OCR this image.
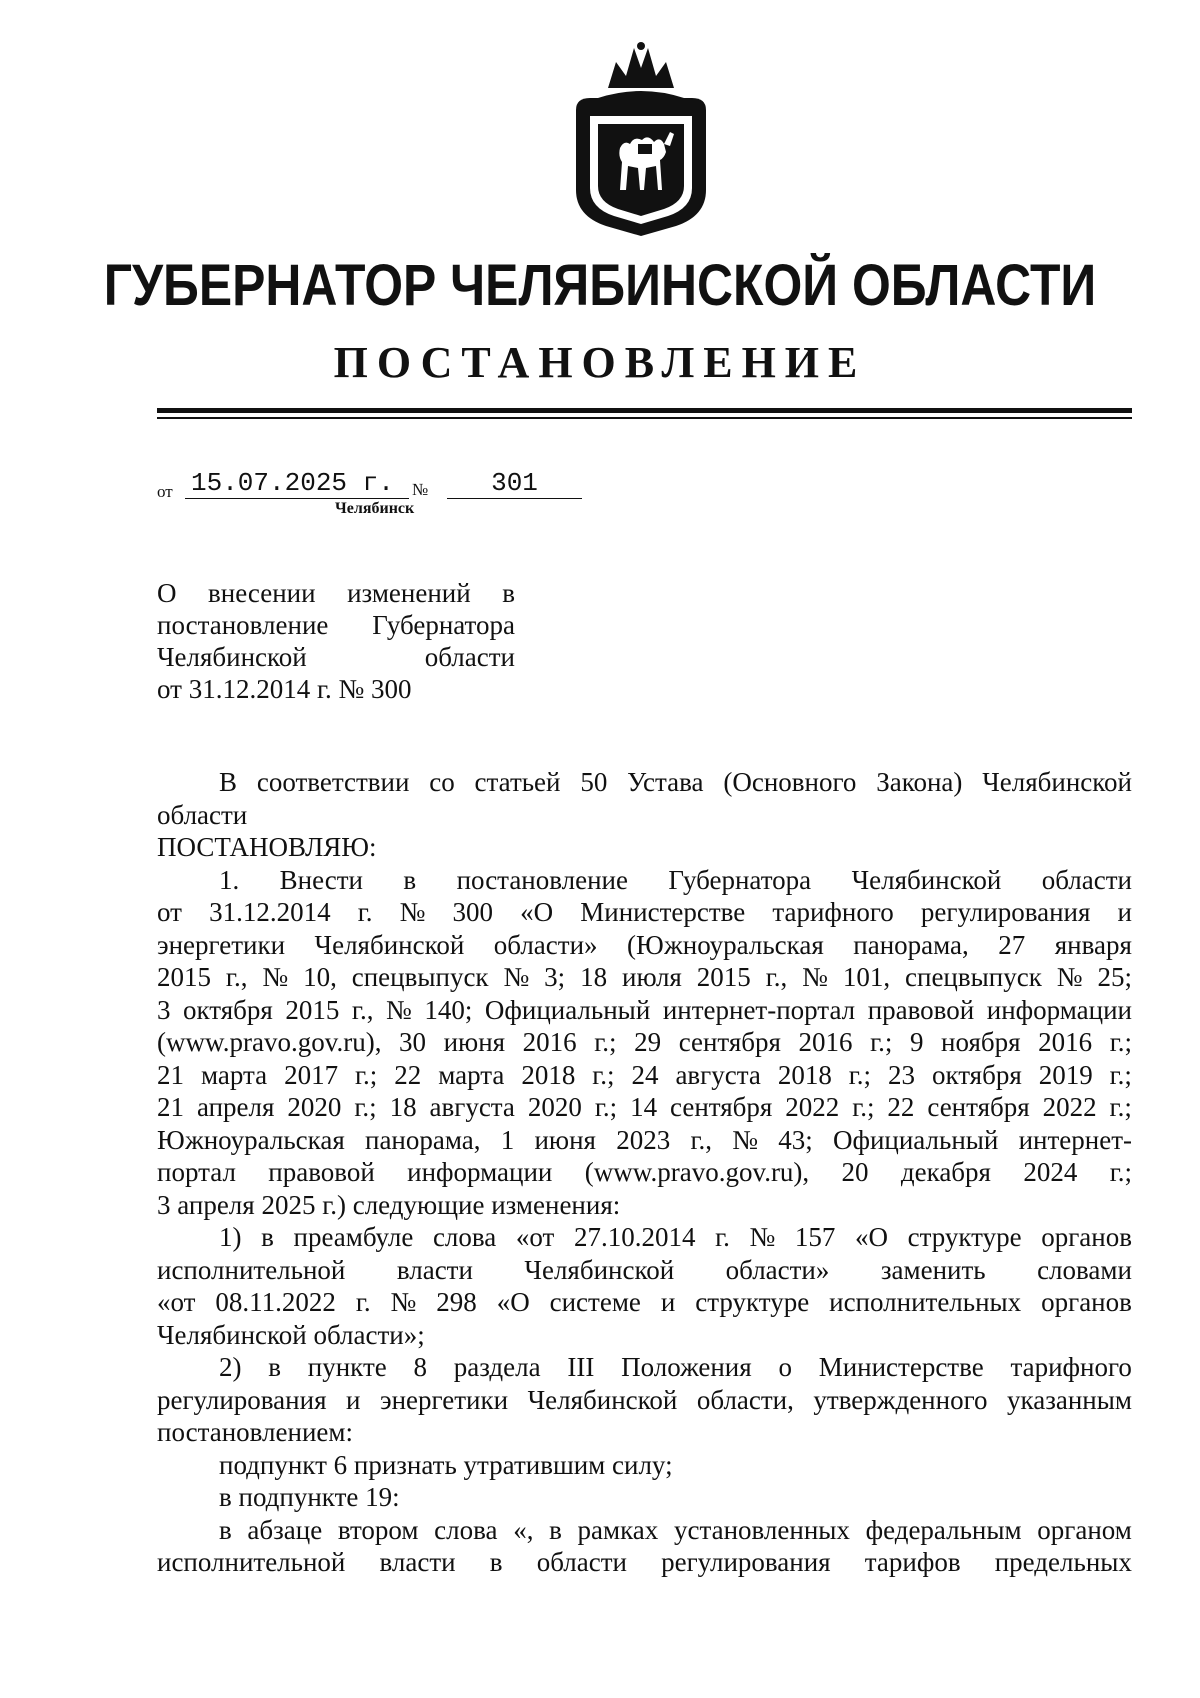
ГУБЕРНАТОР ЧЕЛЯБИНСКОЙ ОБЛАСТИ
ПОСТАНОВЛЕНИЕ
от 15.07.2025 г.	№	301
Челябинск
О внесении изменений в
постановление Губернатора
Челябинской	области
от 31.12.2014 г. № 300
В соответствии со статьей 50 Устава (Основного Закона) Челябинской
области
ПОСТАНОВЛЯЮ:
1. Внести в постановление Губернатора Челябинской области
от 31.12.2014 г. № 300 «О Министерстве тарифного регулирования и
энергетики Челябинской области» (Южноуральская панорама, 27 января
2015 г., № 10, спецвыпуск № 3; 18 июля 2015 г., № 101, спецвыпуск № 25;
3 октября 2015 г., № 140; Официальный интернет-портал правовой информации
(www.pravo.gov.ru), 30 июня 2016 г.; 29 сентября 2016 г.; 9 ноября 2016 г.;
21 марта 2017 г.; 22 марта 2018 г.; 24 августа 2018 г.; 23 октября 2019 г.;
21 апреля 2020 г.; 18 августа 2020 г.; 14 сентября 2022 г.; 22 сентября 2022 г.;
Южноуральская панорама, 1 июня 2023 г., № 43; Официальный интернет-
портал правовой информации (www.pravo.gov.ru), 20 декабря 2024 г.;
3 апреля 2025 г.) следующие изменения:
1) в преамбуле слова «от 27.10.2014 г. № 157 «О структуре органов
исполнительной власти Челябинской области» заменить словами
«от 08.11.2022 г. № 298 «О системе и структуре исполнительных органов
Челябинской области»;
2) в пункте 8 раздела III Положения о Министерстве тарифного
регулирования и энергетики Челябинской области, утвержденного указанным
постановлением:
подпункт 6 признать утратившим силу;
в подпункте 19:
в абзаце втором слова «, в рамках установленных федеральным органом
исполнительной власти в области регулирования тарифов предельных
